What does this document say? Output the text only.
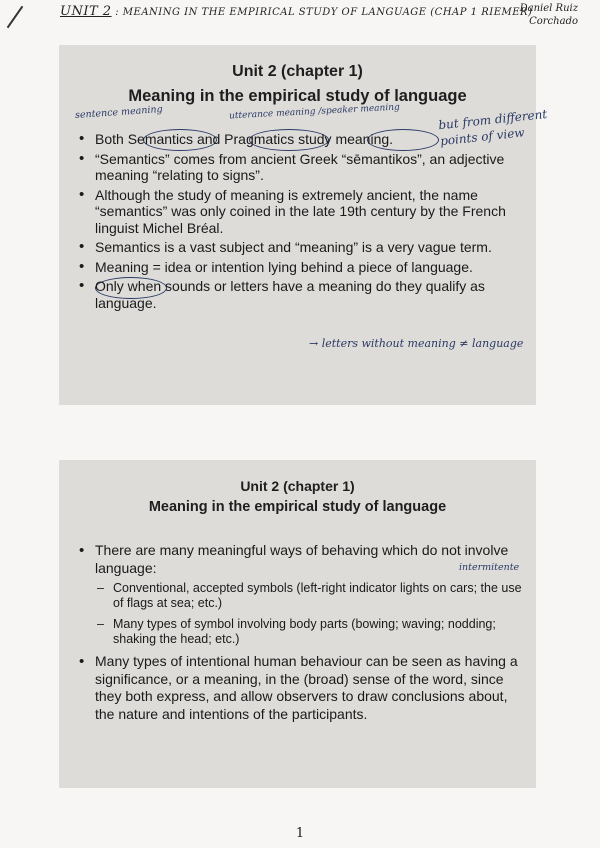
UNIT 2 : MEANING IN THE EMPIRICAL STUDY OF LANGUAGE (CHAP 1 RIEMER)
Daniel Ruiz
Corchado
Unit 2 (chapter 1)
Meaning in the empirical study of language
sentence meaning	utterance meaning /speaker meaning	but from different points of view
• Both Semantics and Pragmatics study meaning.
• “Semantics” comes from ancient Greek “sēmantikos”, an adjective meaning “relating to signs”.
• Although the study of meaning is extremely ancient, the name “semantics” was only coined in the late 19th century by the French linguist Michel Bréal.
• Semantics is a vast subject and “meaning” is a very vague term.
• Meaning = idea or intention lying behind a piece of language.
• Only when sounds or letters have a meaning do they qualify as language.
→ letters without meaning ≠ language
Unit 2 (chapter 1)
Meaning in the empirical study of language
intermitente
• There are many meaningful ways of behaving which do not involve language:
– Conventional, accepted symbols (left-right indicator lights on cars; the use of flags at sea; etc.)
– Many types of symbol involving body parts (bowing; waving; nodding; shaking the head; etc.)
• Many types of intentional human behaviour can be seen as having a significance, or a meaning, in the (broad) sense of the word, since they both express, and allow observers to draw conclusions about, the nature and intentions of the participants.
1
